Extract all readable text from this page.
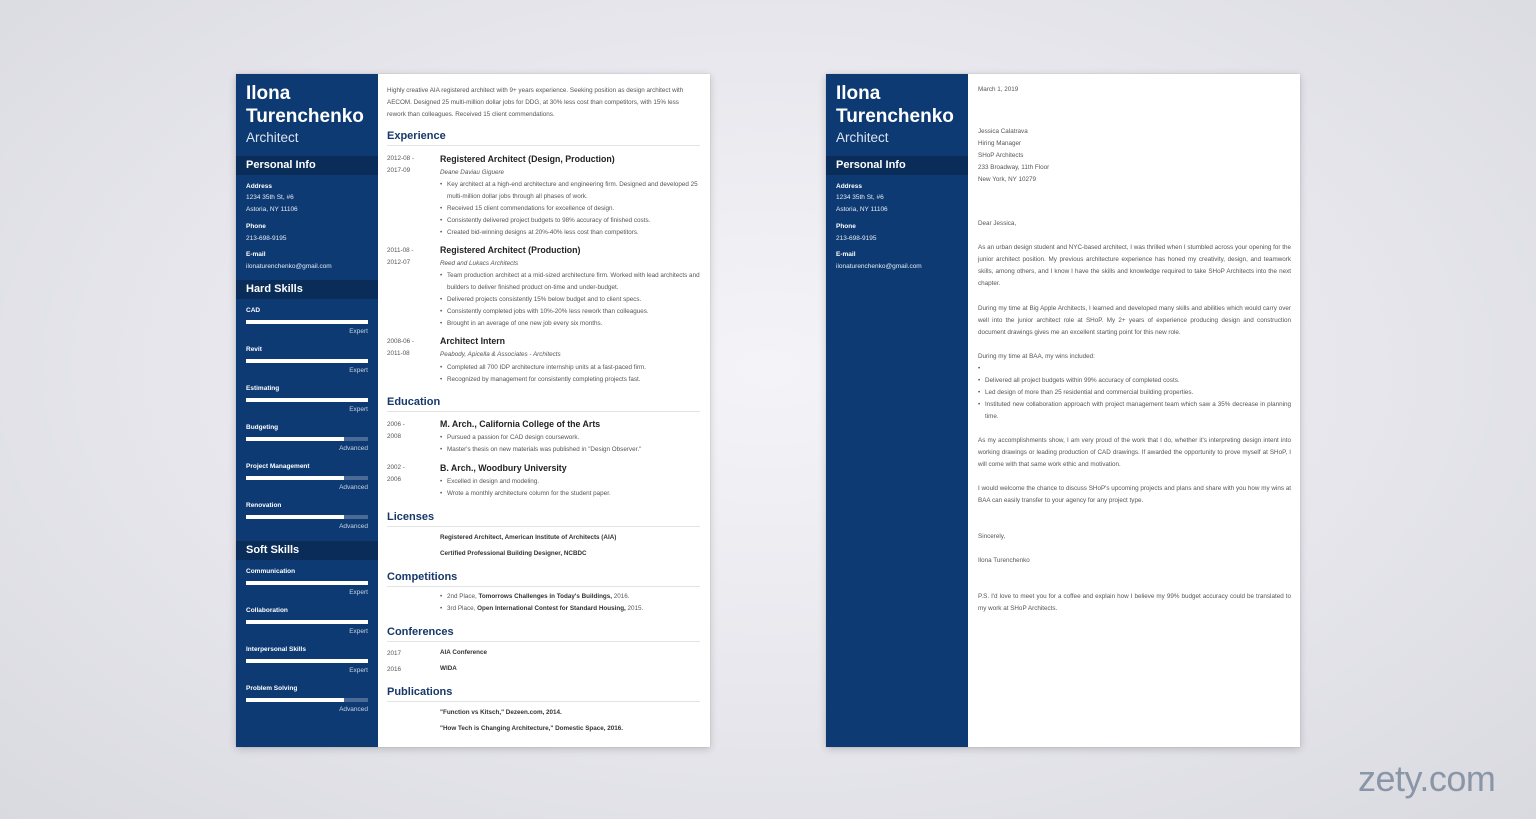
Ilona
Turenchenko
Architect
Personal Info
Address
1234 35th St, #6
Astoria, NY 11106
Phone
213-698-9195
E-mail
ilonaturenchenko@gmail.com
Hard Skills
CAD
Expert
Revit
Expert
Estimating
Expert
Budgeting
Advanced
Project Management
Advanced
Renovation
Advanced
Soft Skills
Communication
Expert
Collaboration
Expert
Interpersonal Skills
Expert
Problem Solving
Advanced
Highly creative AIA registered architect with 9+ years experience. Seeking position as design architect with AECOM. Designed 25 multi-million dollar jobs for DDG, at 30% less cost than competitors, with 15% less rework than colleagues. Received 15 client commendations.
Experience
2012-08 -
2017-09
Registered Architect (Design, Production)
Deane Daviau Giguere
• Key architect at a high-end architecture and engineering firm. Designed and developed 25 multi-million dollar jobs through all phases of work.
• Received 15 client commendations for excellence of design.
• Consistently delivered project budgets to 98% accuracy of finished costs.
• Created bid-winning designs at 20%-40% less cost than competitors.
2011-08 -
2012-07
Registered Architect (Production)
Reed and Lukacs Architects
• Team production architect at a mid-sized architecture firm. Worked with lead architects and builders to deliver finished product on-time and under-budget.
• Delivered projects consistently 15% below budget and to client specs.
• Consistently completed jobs with 10%-20% less rework than colleagues.
• Brought in an average of one new job every six months.
2008-06 -
2011-08
Architect Intern
Peabody, Apicella & Associates - Architects
• Completed all 700 IDP architecture internship units at a fast-paced firm.
• Recognized by management for consistently completing projects fast.
Education
2006 -
2008
M. Arch., California College of the Arts
• Pursued a passion for CAD design coursework.
• Master's thesis on new materials was published in "Design Observer."
2002 -
2006
B. Arch., Woodbury University
• Excelled in design and modeling.
• Wrote a monthly architecture column for the student paper.
Licenses
Registered Architect, American Institute of Architects (AIA)
Certified Professional Building Designer, NCBDC
Competitions
• 2nd Place, Tomorrows Challenges in Today's Buildings, 2016.
• 3rd Place, Open International Contest for Standard Housing, 2015.
Conferences
2017	AIA Conference
2016	WIDA
Publications
"Function vs Kitsch," Dezeen.com, 2014.
"How Tech is Changing Architecture," Domestic Space, 2016.
Ilona
Turenchenko
Architect
Personal Info
Address
1234 35th St, #6
Astoria, NY 11106
Phone
213-698-9195
E-mail
ilonaturenchenko@gmail.com
March 1, 2019
Jessica Calatrava
Hiring Manager
SHoP Architects
233 Broadway, 11th Floor
New York, NY 10279
Dear Jessica,
As an urban design student and NYC-based architect, I was thrilled when I stumbled across your opening for the junior architect position. My previous architecture experience has honed my creativity, design, and teamwork skills, among others, and I know I have the skills and knowledge required to take SHoP Architects into the next chapter.
During my time at Big Apple Architects, I learned and developed many skills and abilities which would carry over well into the junior architect role at SHoP. My 2+ years of experience producing design and construction document drawings gives me an excellent starting point for this new role.
During my time at BAA, my wins included:
•
• Delivered all project budgets within 99% accuracy of completed costs.
• Led design of more than 25 residential and commercial building properties.
• Instituted new collaboration approach with project management team which saw a 35% decrease in planning time.
As my accomplishments show, I am very proud of the work that I do, whether it's interpreting design intent into working drawings or leading production of CAD drawings. If awarded the opportunity to prove myself at SHoP, I will come with that same work ethic and motivation.
I would welcome the chance to discuss SHoP's upcoming projects and plans and share with you how my wins at BAA can easily transfer to your agency for any project type.
Sincerely,
Ilona Turenchenko
P.S. I'd love to meet you for a coffee and explain how I believe my 99% budget accuracy could be translated to my work at SHoP Architects.
zety.com
